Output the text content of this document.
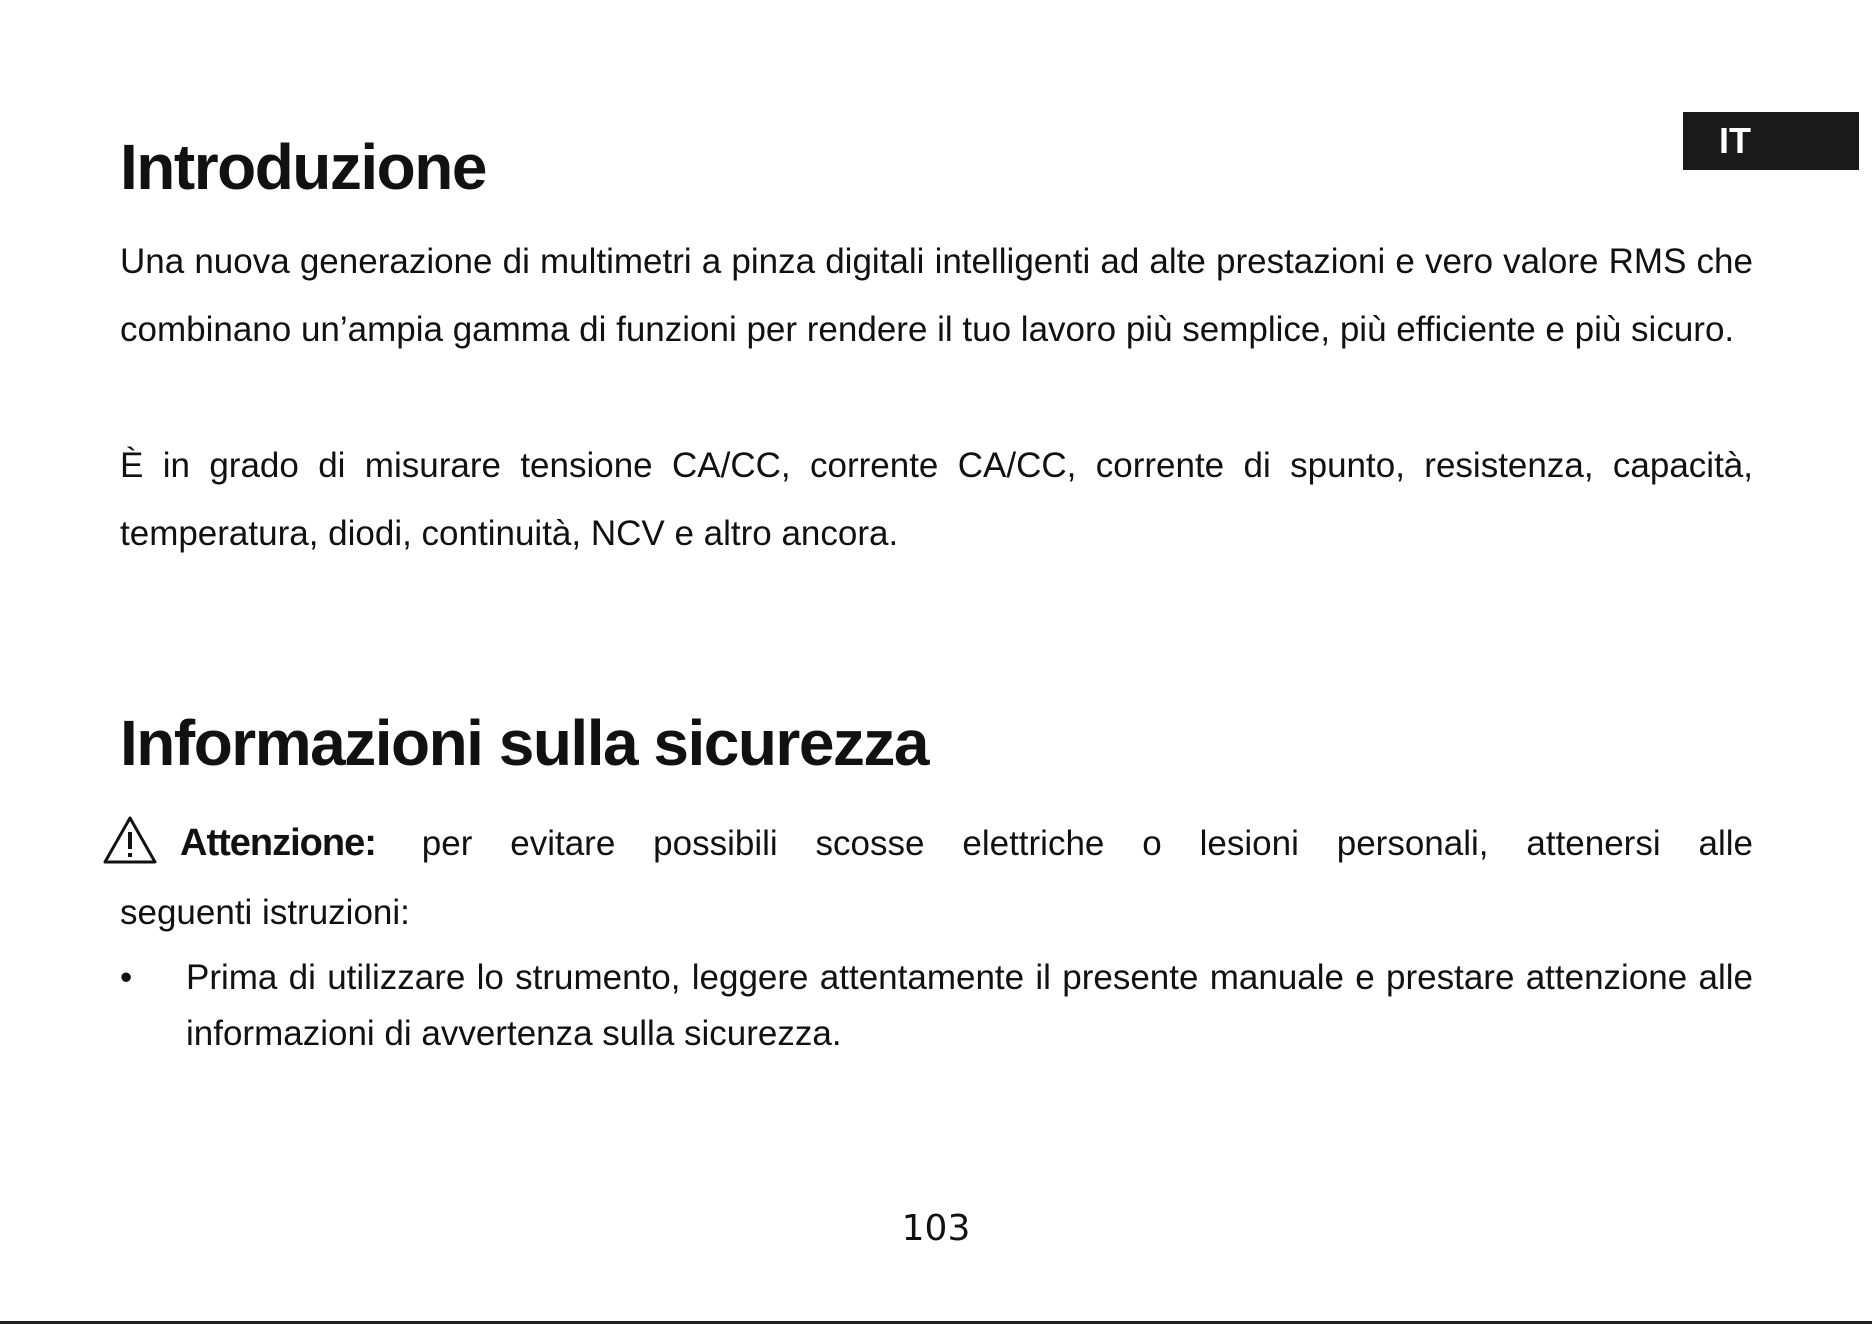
IT
Introduzione

Una nuova generazione di multimetri a pinza digitali intelligenti ad alte prestazioni e vero valore RMS che combinano un’ampia gamma di funzioni per rendere il tuo lavoro più semplice, più efficiente e più sicuro.

È in grado di misurare tensione CA/CC, corrente CA/CC, corrente di spunto, resistenza, capacità, temperatura, diodi, continuità, NCV e altro ancora.

Informazioni sulla sicurezza
Attenzione: per evitare possibili scosse elettriche o lesioni personali, attenersi alle
seguenti istruzioni:
• Prima di utilizzare lo strumento, leggere attentamente il presente manuale e prestare attenzione alle informazioni di avvertenza sulla sicurezza.
103
